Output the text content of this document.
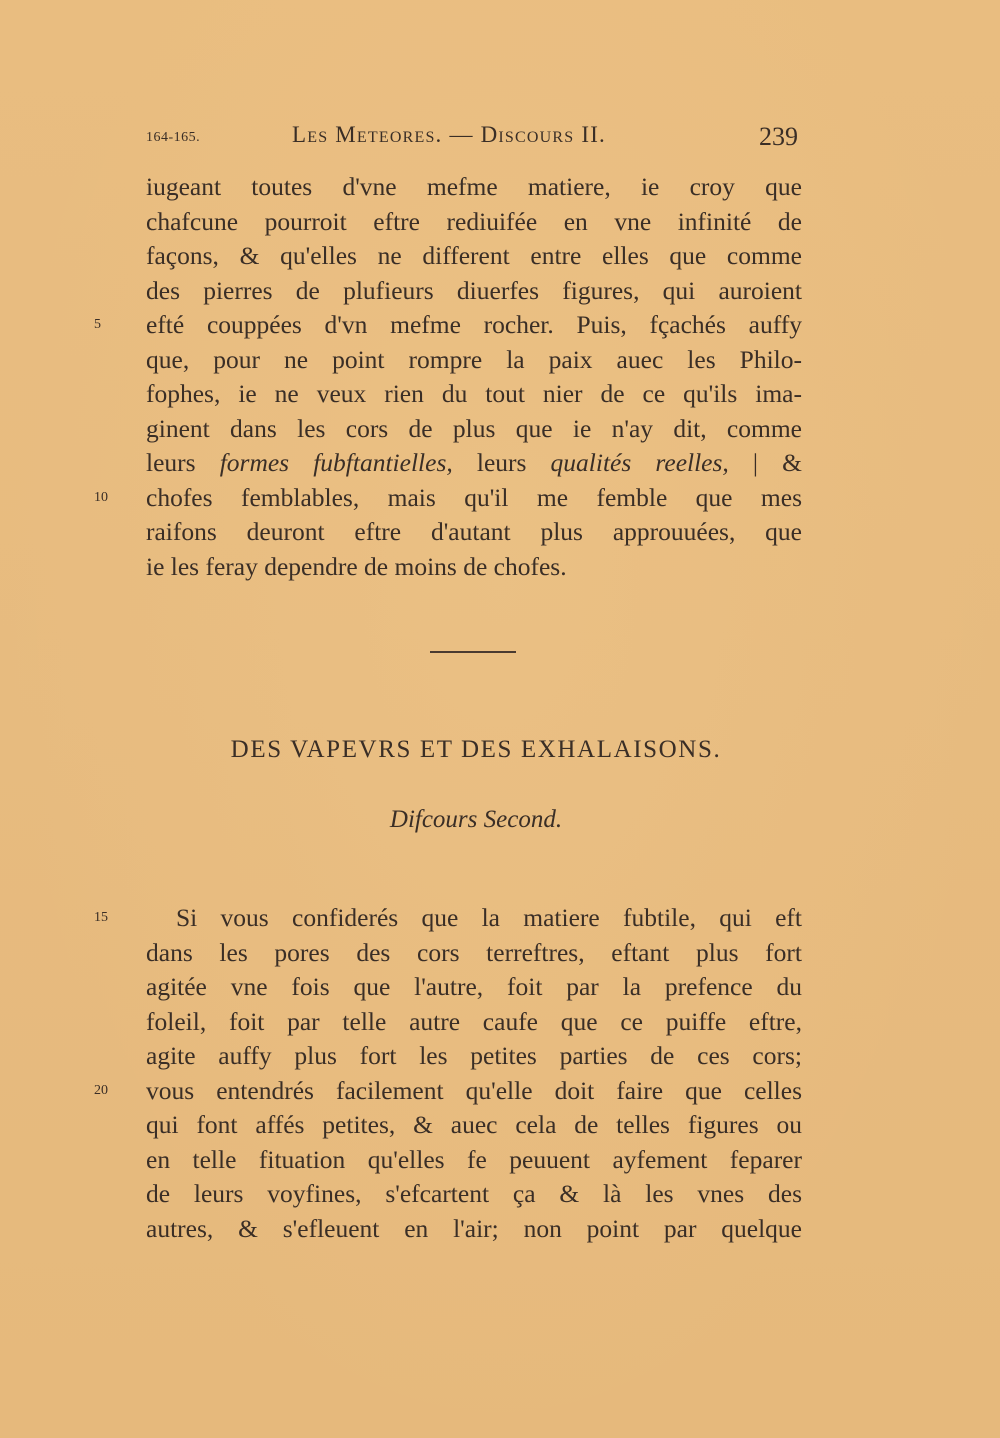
164-165.	Les Meteores. — Discours II.	239
iugeant toutes d'vne mefme matiere, ie croy que
chafcune pourroit eftre rediuifée en vne infinité de
façons, & qu'elles ne different entre elles que comme
des pierres de plufieurs diuerfes figures, qui auroient
5	efté couppées d'vn mefme rocher. Puis, fçachés auffy
que, pour ne point rompre la paix auec les Philo-
fophes, ie ne veux rien du tout nier de ce qu'ils ima-
ginent dans les cors de plus que ie n'ay dit, comme
leurs formes fubftantielles, leurs qualités reelles, | &
10	chofes femblables, mais qu'il me femble que mes
raifons deuront eftre d'autant plus approuuées, que
ie les feray dependre de moins de chofes.
DES VAPEVRS ET DES EXHALAISONS.
Difcours Second.
15	Si vous confiderés que la matiere fubtile, qui eft
dans les pores des cors terreftres, eftant plus fort
agitée vne fois que l'autre, foit par la prefence du
foleil, foit par telle autre caufe que ce puiffe eftre,
agite auffy plus fort les petites parties de ces cors;
20	vous entendrés facilement qu'elle doit faire que celles
qui font affés petites, & auec cela de telles figures ou
en telle fituation qu'elles fe peuuent ayfement feparer
de leurs voyfines, s'efcartent ça & là les vnes des
autres, & s'efleuent en l'air; non point par quelque
